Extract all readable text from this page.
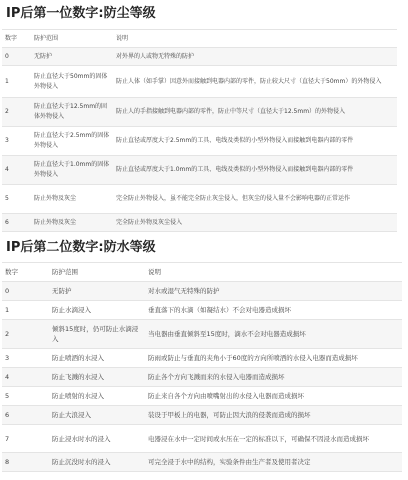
IP后第一位数字:防尘等级
数字	防护范围	说明
0	无防护	对外界的人或物无特殊的防护
1	防止直径大于50mm的固体外物侵入	防止人体（如手掌）因意外而接触到电器内部的零件，防止较大尺寸（直径大于50mm）的外物侵入
2	防止直径大于12.5mm的固体外物侵入	防止人的手指接触到电器内部的零件，防止中等尺寸（直径大于12.5mm）的外物侵入
3	防止直径大于2.5mm的固体外物侵入	防止直径或厚度大于2.5mm的工具、电线及类似的小型外物侵入而接触到电器内部的零件
4	防止直径大于1.0mm的固体外物侵入	防止直径或厚度大于1.0mm的工具、电线及类似的小型外物侵入而接触到电器内部的零件
5	防止外物及灰尘	完全防止外物侵入，虽不能完全防止灰尘侵入，但灰尘的侵入量不会影响电器的正常运作
6	防止外物及灰尘	完全防止外物及灰尘侵入
IP后第二位数字:防水等级
数字	防护范围	说明
0	无防护	对水或湿气无特殊的防护
1	防止水滴浸入	垂直落下的水滴（如凝结水）不会对电器造成损坏
2	倾斜15度时，仍可防止水滴浸入	当电器由垂直倾斜至15度时，滴水不会对电器造成损坏
3	防止喷洒的水浸入	防雨或防止与垂直的夹角小于60度的方向所喷洒的水侵入电器而造成损坏
4	防止飞溅的水浸入	防止各个方向飞溅而来的水侵入电器而造成损坏
5	防止喷射的水浸入	防止来自各个方向由喷嘴射出的水侵入电器而造成损坏
6	防止大浪浸入	装设于甲板上的电器，可防止因大浪的侵袭而造成的损坏
7	防止浸水时水的浸入	电器浸在水中一定时间或水压在一定的标准以下，可确保不因浸水而造成损坏
8	防止沉没时水的浸入	可完全浸于水中的结构，实验条件由生产者及使用者决定
